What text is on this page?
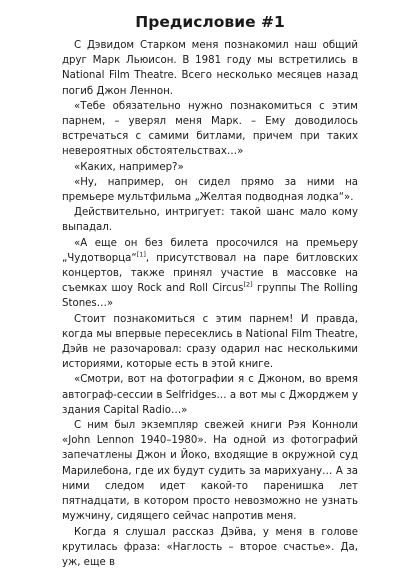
Предисловие #1

С Дэвидом Старком меня познакомил наш общий друг Марк Льюисон. В 1981 году мы встретились в National Film Theatre. Всего несколько месяцев назад погиб Джон Леннон.

«Тебе обязательно нужно познакомиться с этим парнем, – уверял меня Марк. – Ему доводилось встречаться с самими битлами, причем при таких невероятных обстоятельствах…»

«Каких, например?»

«Ну, например, он сидел прямо за ними на премьере мультфильма „Желтая подводная лодка“».

Действительно, интригует: такой шанс мало кому выпадал.

«А еще он без билета просочился на премьеру „Чудотворца“[1], присутствовал на паре битловских концертов, также принял участие в массовке на съемках шоу Rock and Roll Circus[2] группы The Rolling Stones…»

Стоит познакомиться с этим парнем! И правда, когда мы впервые пересеклись в National Film Theatre, Дэйв не разочаровал: сразу одарил нас несколькими историями, которые есть в этой книге.

«Смотри, вот на фотографии я с Джоном, во время автограф-сессии в Selfridges… а вот мы с Джорджем у здания Capital Radio…»

С ним был экземпляр свежей книги Рэя Конноли «John Lennon 1940–1980». На одной из фотографий запечатлены Джон и Йоко, входящие в окружной суд Марилебона, где их будут судить за марихуану… А за ними следом идет какой-то паренишка лет пятнадцати, в котором просто невозможно не узнать мужчину, сидящего сейчас напротив меня.

Когда я слушал рассказ Дэйва, у меня в голове крутилась фраза: «Наглость – второе счастье». Да, уж, еще в
